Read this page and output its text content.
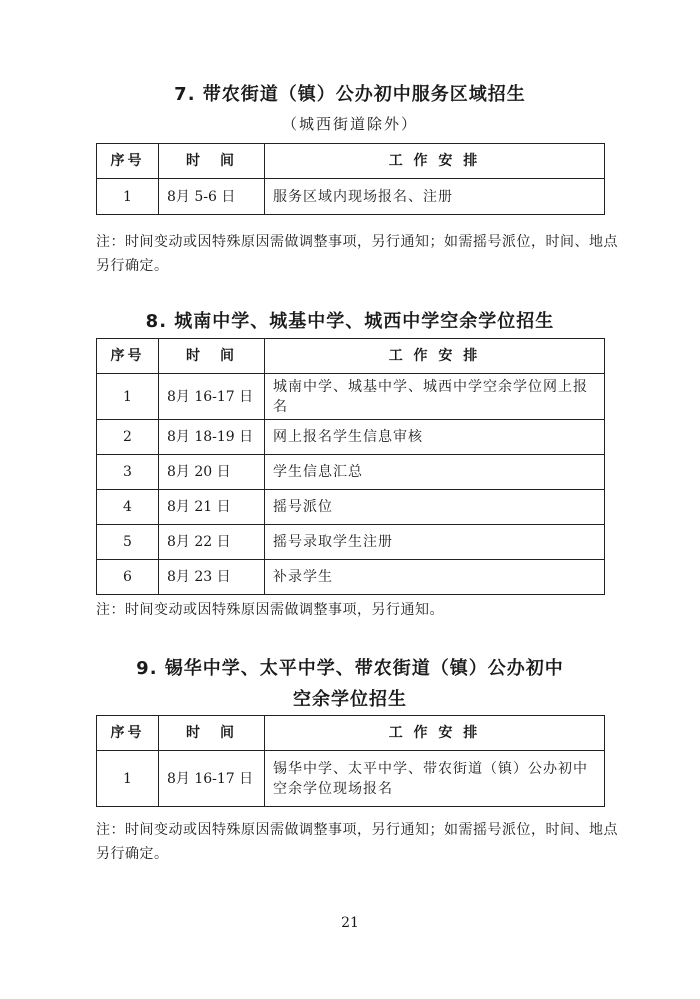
7. 带农街道（镇）公办初中服务区域招生

（城西街道除外）

序号	时　间	工 作 安 排
1	8月 5-6 日	服务区域内现场报名、注册

注：时间变动或因特殊原因需做调整事项，另行通知；如需摇号派位，时间、地点另行确定。

8. 城南中学、城基中学、城西中学空余学位招生
序号	时　间	工 作 安 排
1	8月 16-17 日	城南中学、城基中学、城西中学空余学位网上报名
2	8月 18-19 日	网上报名学生信息审核
3	8月 20 日	学生信息汇总
4	8月 21 日	摇号派位
5	8月 22 日	摇号录取学生注册
6	8月 23 日	补录学生

注：时间变动或因特殊原因需做调整事项，另行通知。

9. 锡华中学、太平中学、带农街道（镇）公办初中
空余学位招生
序号	时　间	工 作 安 排
1	8月 16-17 日	锡华中学、太平中学、带农街道（镇）公办初中空余学位现场报名

注：时间变动或因特殊原因需做调整事项，另行通知；如需摇号派位，时间、地点另行确定。

21
